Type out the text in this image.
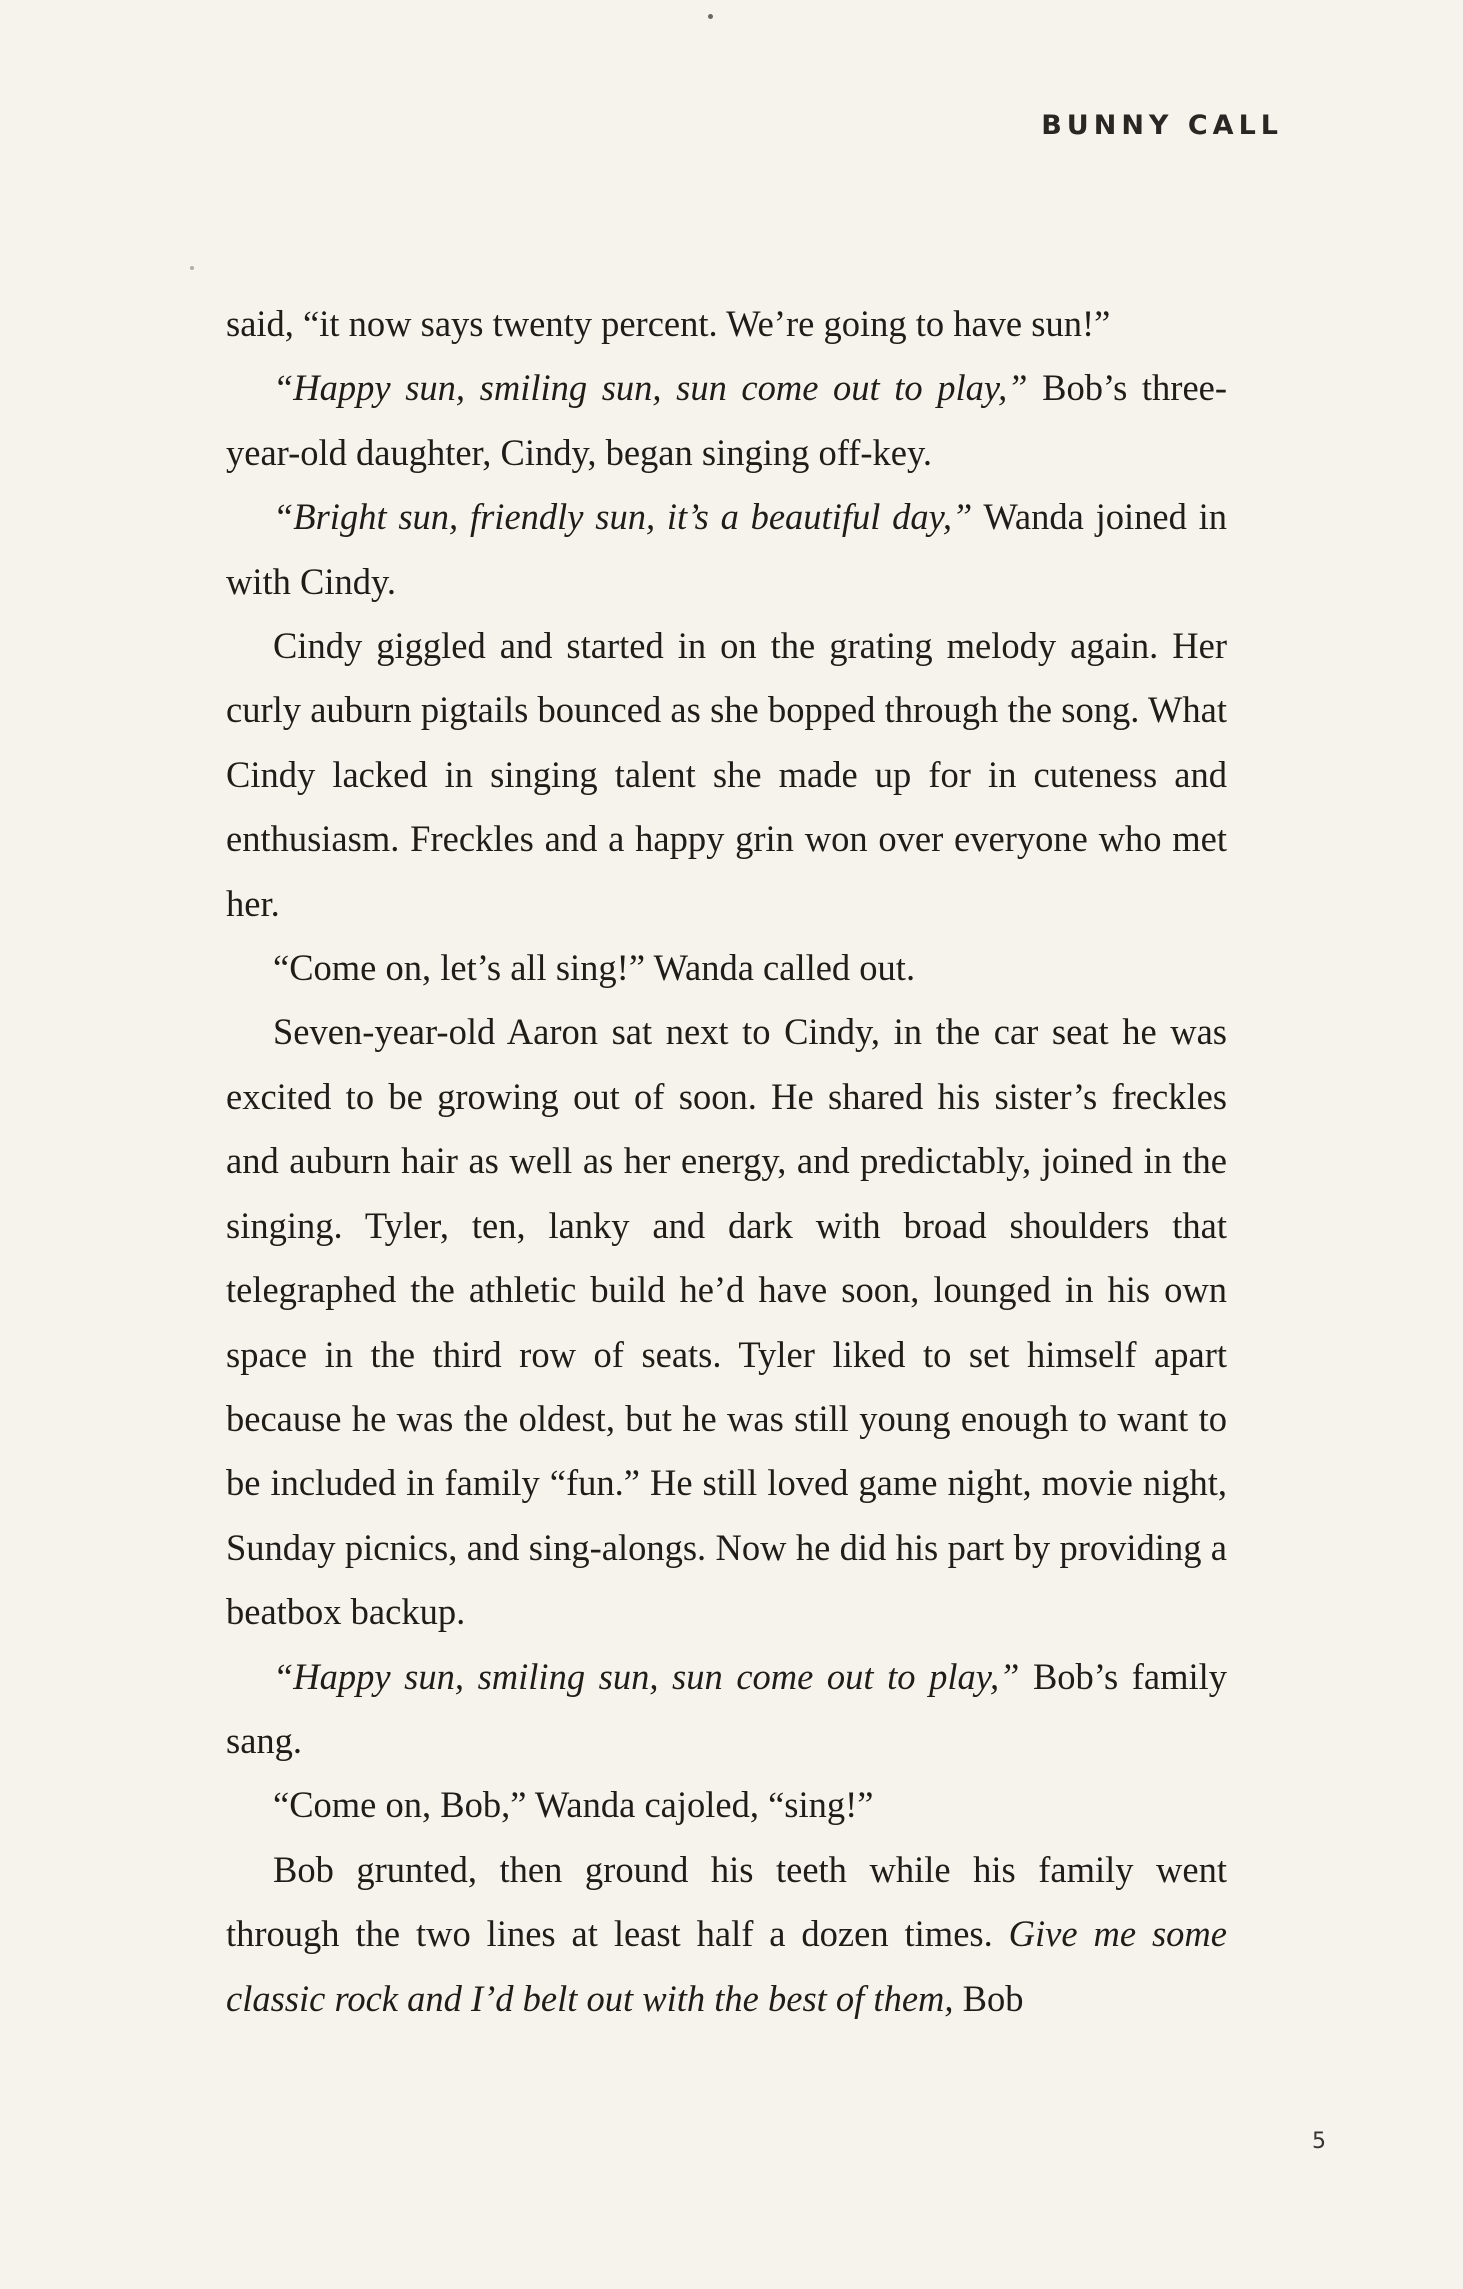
BUNNY CALL

said, “it now says twenty percent. We’re going to have sun!”

“Happy sun, smiling sun, sun come out to play,” Bob’s three-year-old daughter, Cindy, began singing off-key.

“Bright sun, friendly sun, it’s a beautiful day,” Wanda joined in with Cindy.

Cindy giggled and started in on the grating melody again. Her curly auburn pigtails bounced as she bopped through the song. What Cindy lacked in singing talent she made up for in cuteness and enthusiasm. Freckles and a happy grin won over everyone who met her.

“Come on, let’s all sing!” Wanda called out.

Seven-year-old Aaron sat next to Cindy, in the car seat he was excited to be growing out of soon. He shared his sister’s freckles and auburn hair as well as her energy, and predictably, joined in the singing. Tyler, ten, lanky and dark with broad shoulders that telegraphed the athletic build he’d have soon, lounged in his own space in the third row of seats. Tyler liked to set himself apart because he was the oldest, but he was still young enough to want to be included in family “fun.” He still loved game night, movie night, Sunday picnics, and sing-alongs. Now he did his part by providing a beatbox backup.

“Happy sun, smiling sun, sun come out to play,” Bob’s family sang.

“Come on, Bob,” Wanda cajoled, “sing!”

Bob grunted, then ground his teeth while his family went through the two lines at least half a dozen times. Give me some classic rock and I’d belt out with the best of them, Bob

5
